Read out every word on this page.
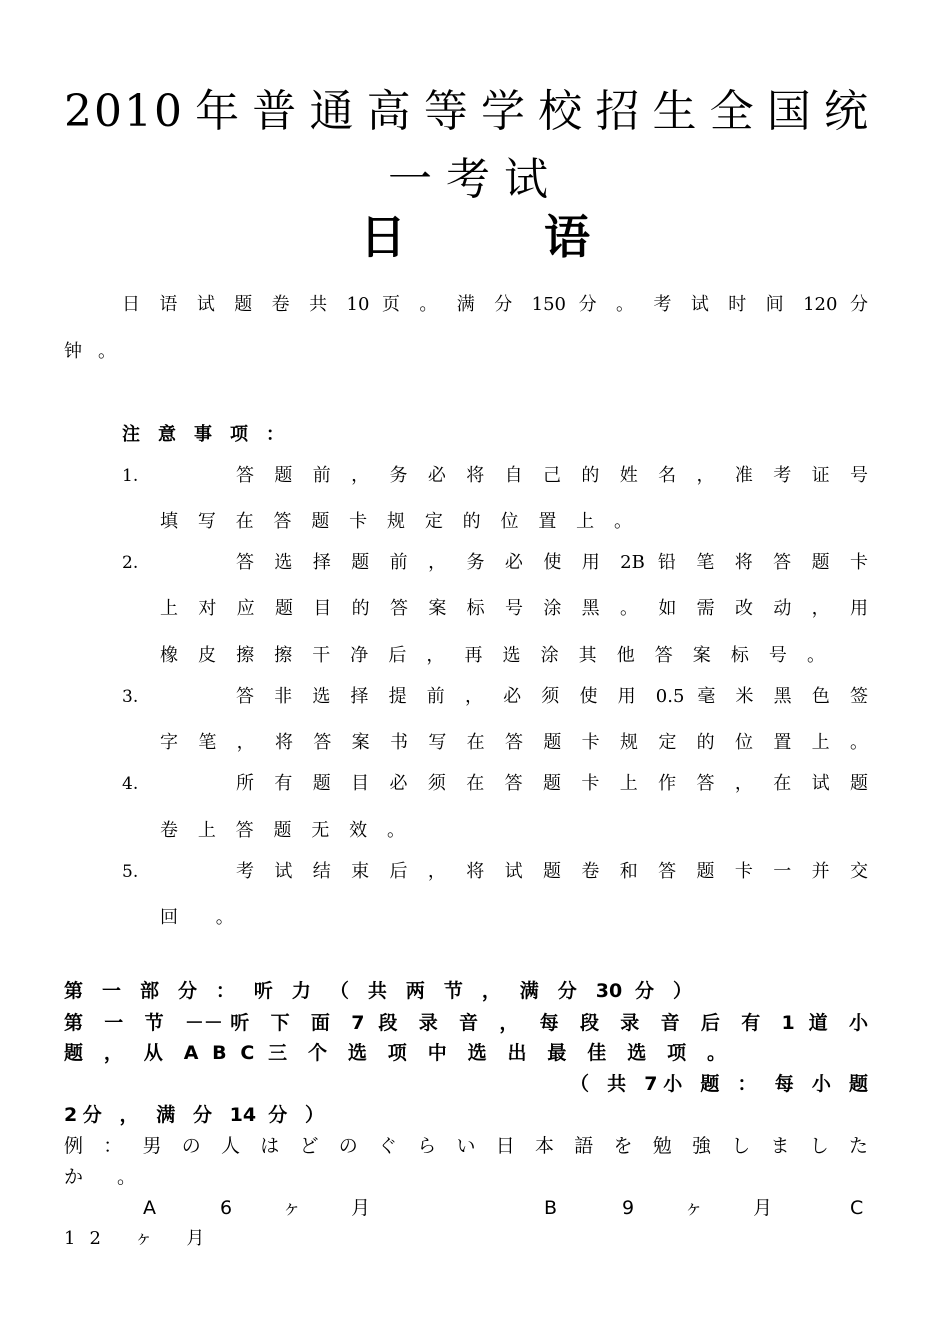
2010年普通高等学校招生全国统
一考试
日	语
日 语 试 题 卷 共 10 页 。 满 分 150 分 。 考 试 时 间 120 分
钟。
注意事项：
1.	答 题 前 ， 务 必 将 自 己 的 姓 名 ， 准 考 证 号
填 写 在 答 题 卡 规 定 的 位 置 上 。
2.	答 选 择 题 前 ， 务 必 使 用 2B 铅 笔 将 答 题 卡
上 对 应 题 目 的 答 案 标 号 涂 黑 。 如 需 改 动 ， 用
橡 皮 擦 擦 干 净 后 ， 再 选 涂 其 他 答 案 标 号 。
3.	答 非 选 择 提 前 ， 必 须 使 用 0.5 毫 米 黑 色 签
字 笔 ， 将 答 案 书 写 在 答 题 卡 规 定 的 位 置 上 。
4.	所 有 题 目 必 须 在 答 题 卡 上 作 答 ， 在 试 题
卷 上 答 题 无 效 。
5.	考 试 结 束 后 ， 将 试 题 卷 和 答 题 卡 一 并 交
回 。
第 一 部 分 ： 听 力 （ 共 两 节 ， 满 分 30 分 ）
第 一 节 －－听 下 面 7 段 录 音 ， 每 段 录 音 后 有 1 道 小
题 ， 从 A B C 三 个 选 项 中 选 出 最 佳 选 项 。
（ 共 7小 题 ： 每 小 题
2分 ， 满 分 14 分 ）
例 ： 男 の 人 は ど の ぐ ら い 日 本 語 を 勉 強 し ま し た
か 。
A	6 ヶ 月	B	9 ヶ 月	C
12 ヶ 月
